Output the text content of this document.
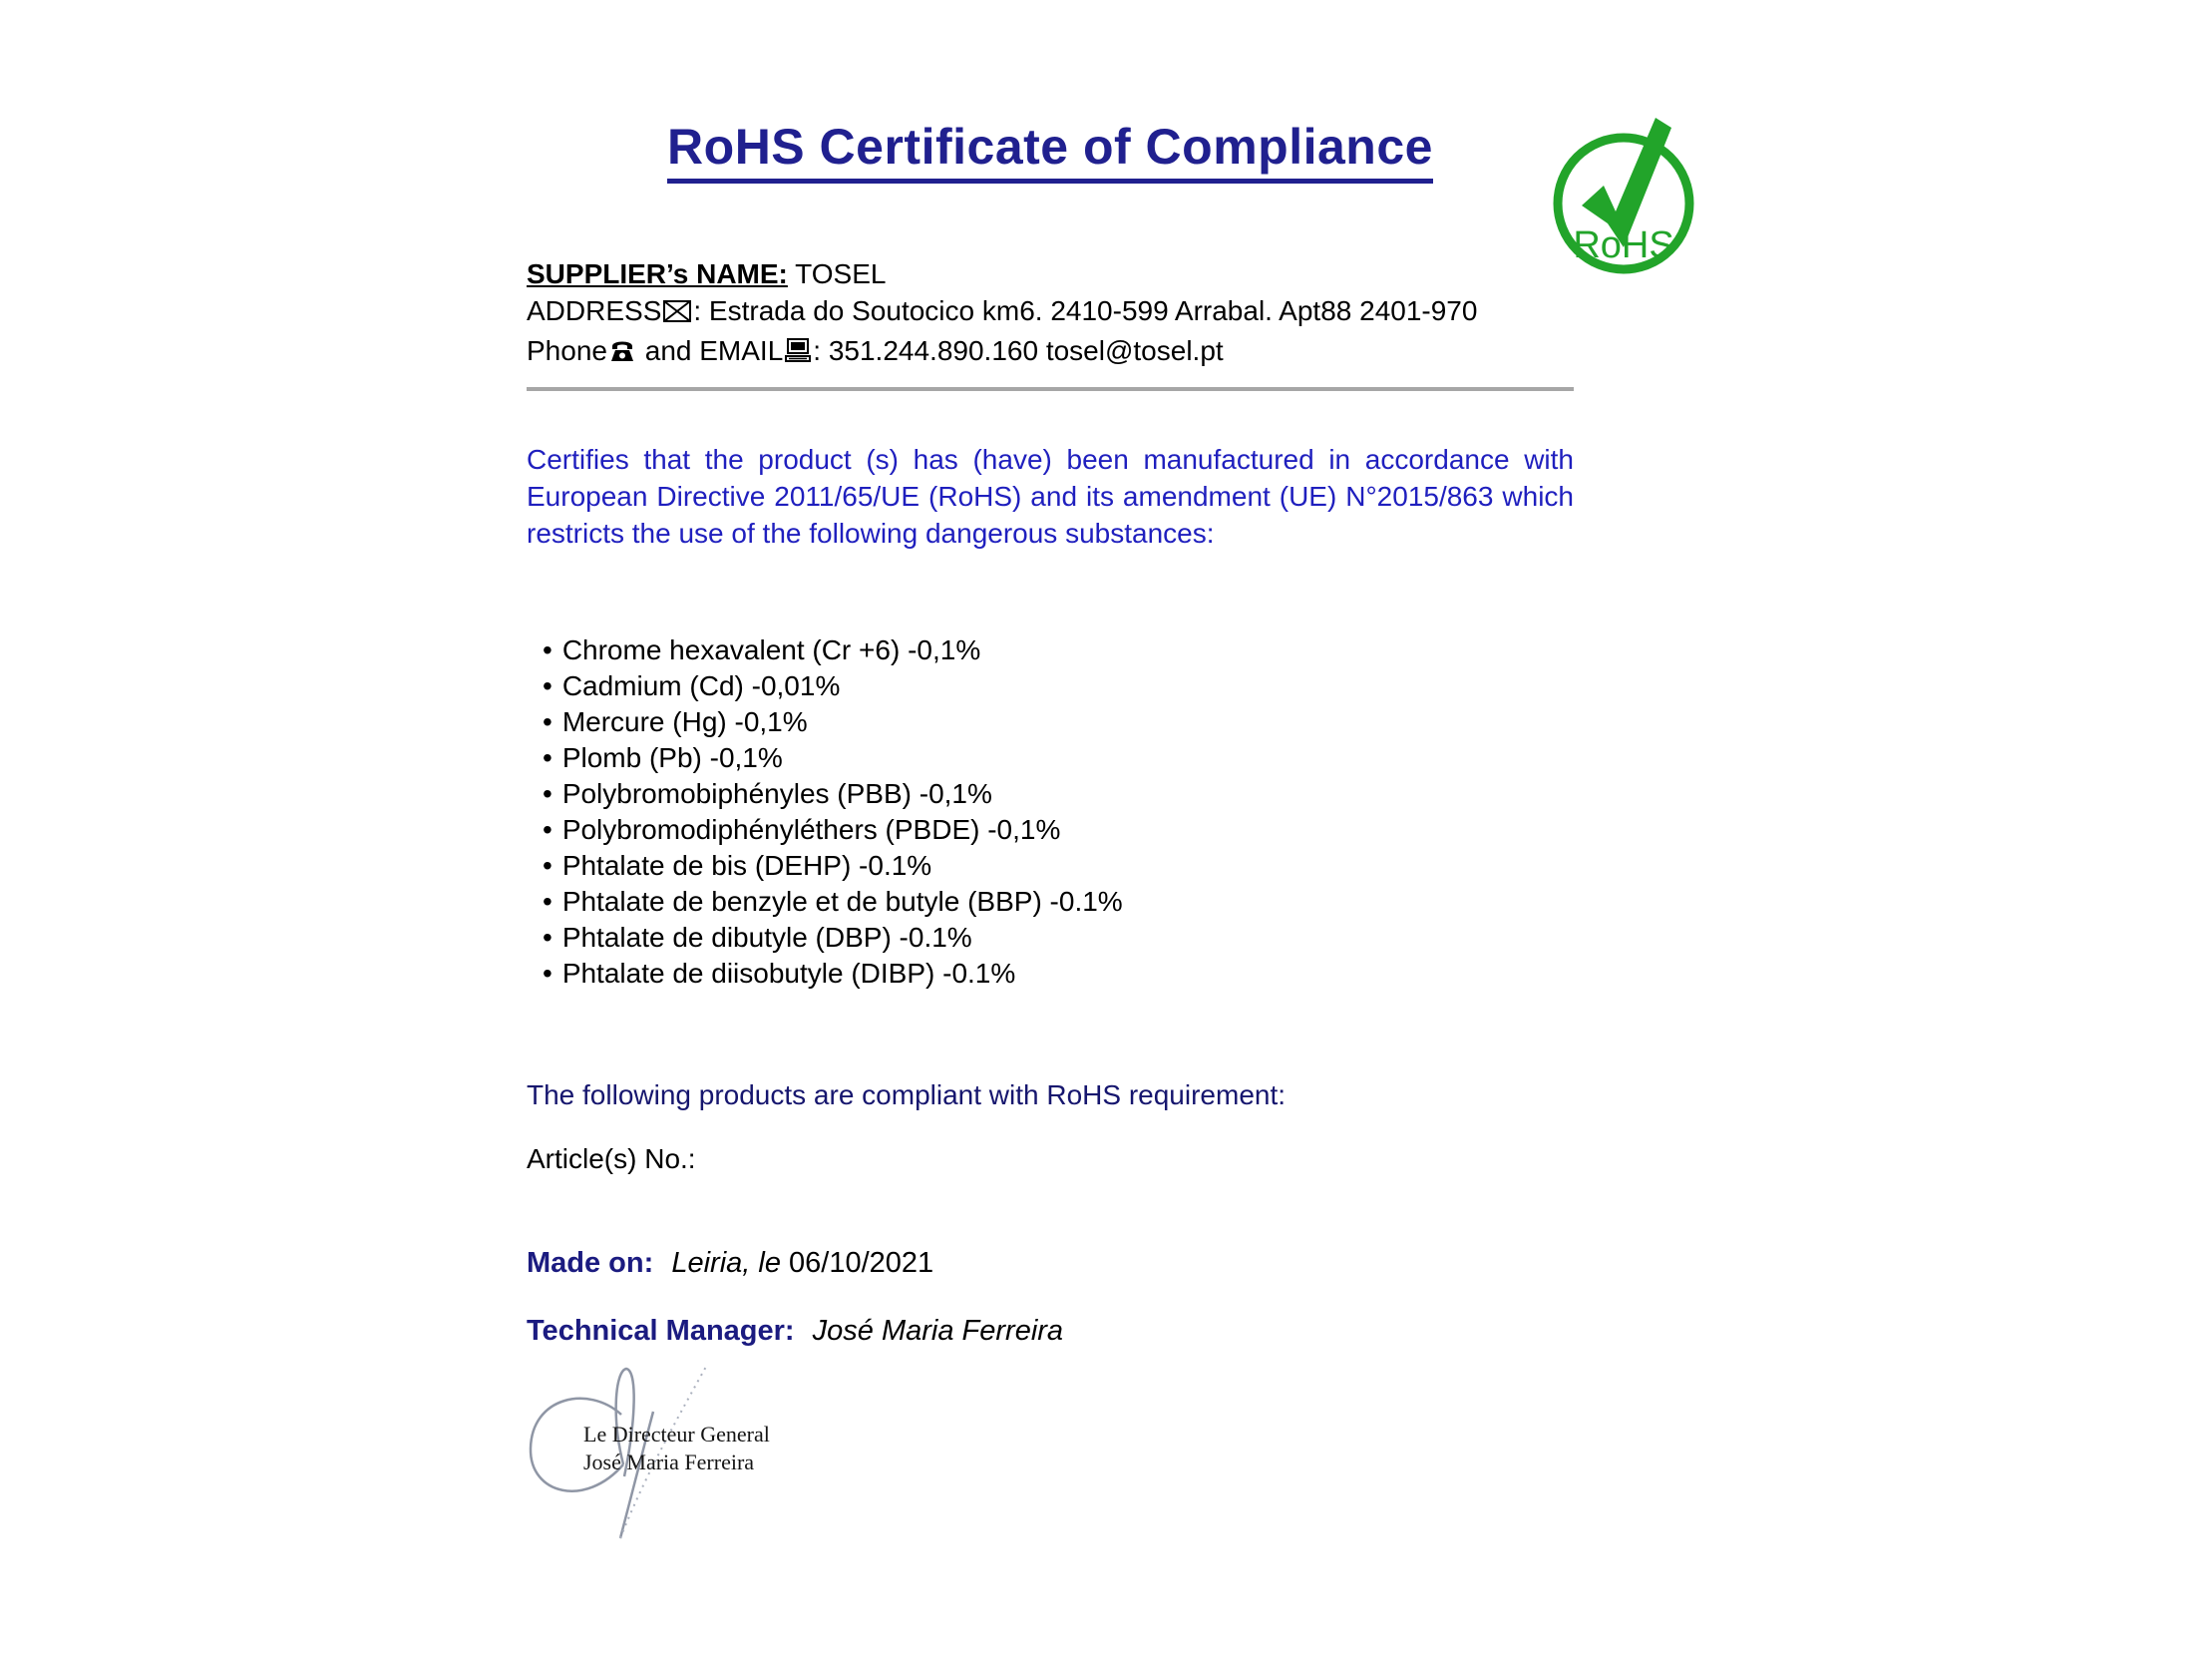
RoHS Certificate of Compliance
RoHS
SUPPLIER’s NAME: TOSEL
ADDRESS : Estrada do Soutocico km6. 2410-599 Arrabal. Apt88 2401-970
Phone and EMAIL : 351.244.890.160 tosel@tosel.pt
Certifies that the product (s) has (have) been manufactured in accordance with European Directive 2011/65/UE (RoHS) and its amendment (UE) N°2015/863 which restricts the use of the following dangerous substances:
• Chrome hexavalent (Cr +6) -0,1%
• Cadmium (Cd) -0,01%
• Mercure (Hg) -0,1%
• Plomb (Pb) -0,1%
• Polybromobiphényles (PBB) -0,1%
• Polybromodiphényléthers (PBDE) -0,1%
• Phtalate de bis (DEHP) -0.1%
• Phtalate de benzyle et de butyle (BBP) -0.1%
• Phtalate de dibutyle (DBP) -0.1%
• Phtalate de diisobutyle (DIBP) -0.1%
The following products are compliant with RoHS requirement:
Article(s) No.:
Made on: Leiria, le 06/10/2021
Technical Manager: José Maria Ferreira
Le Directeur General
José Maria Ferreira
